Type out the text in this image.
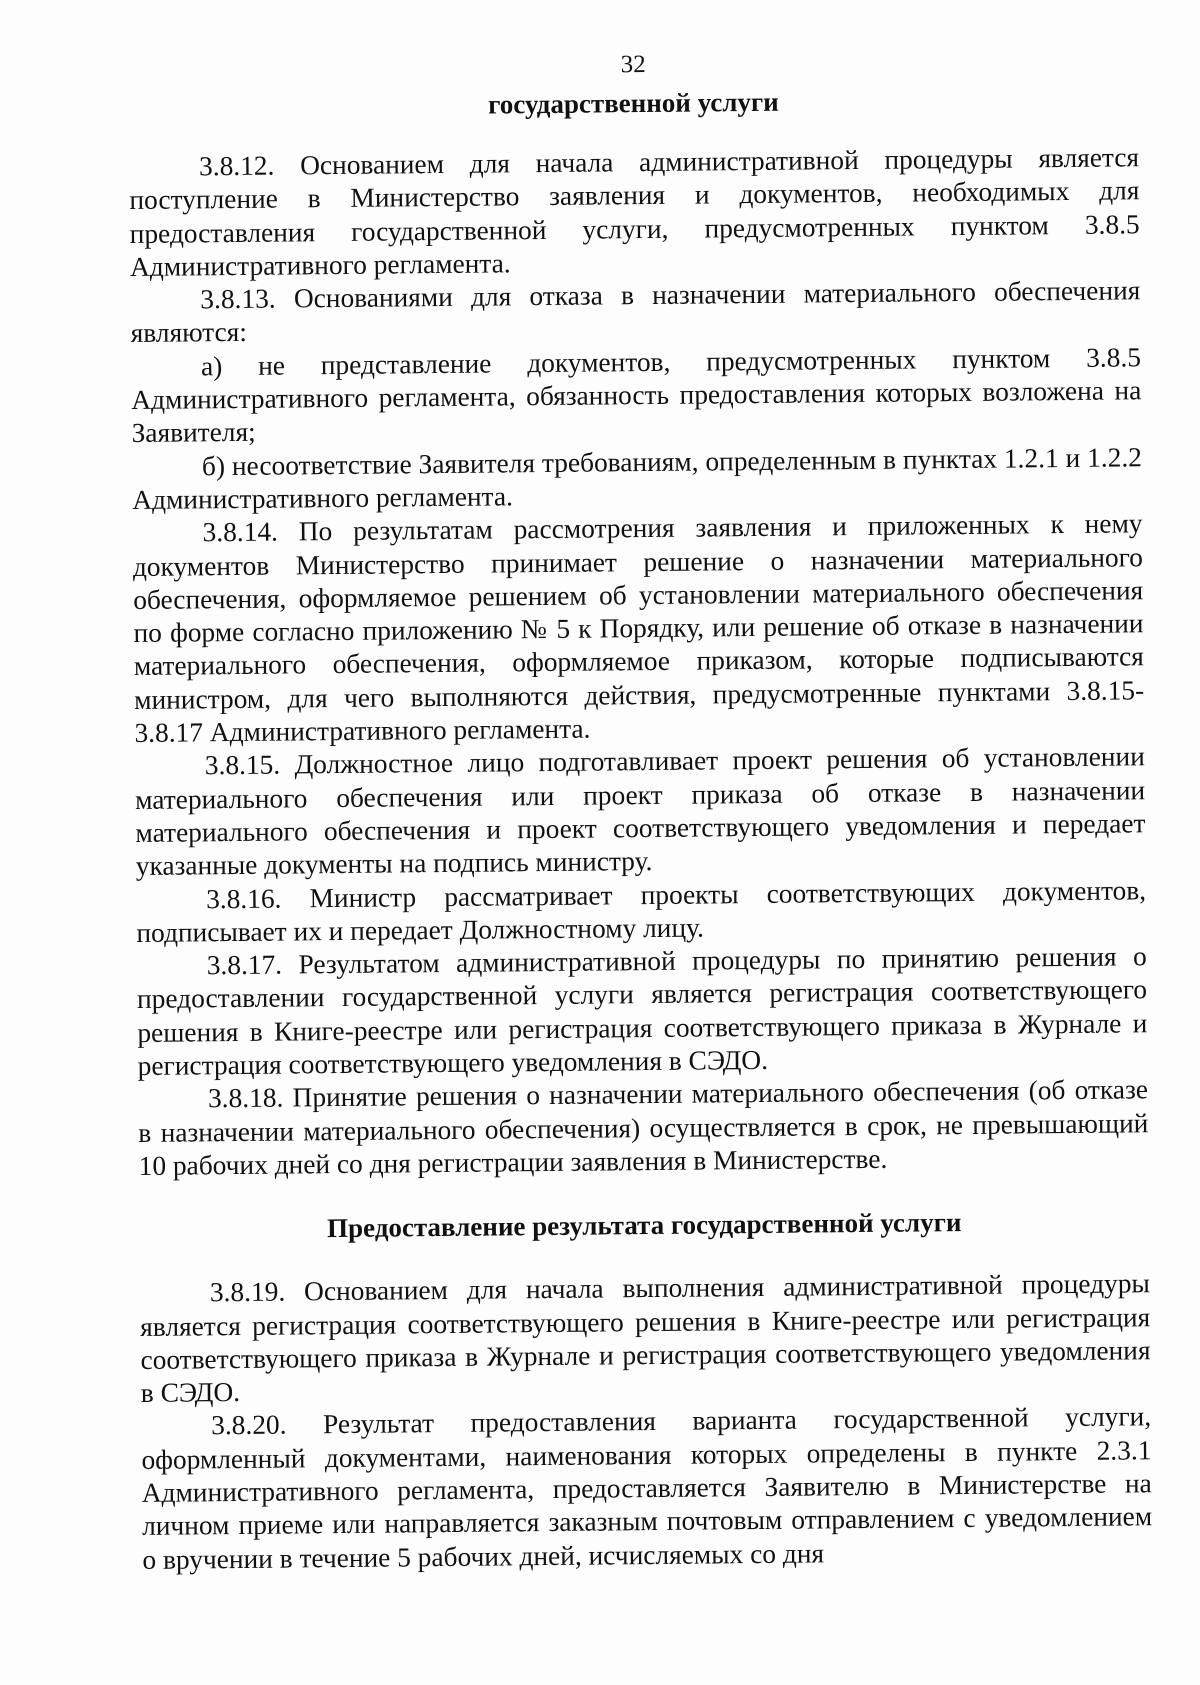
32
государственной услуги

3.8.12. Основанием для начала административной процедуры является поступление в Министерство заявления и документов, необходимых для предоставления государственной услуги, предусмотренных пунктом 3.8.5 Административного регламента.

3.8.13. Основаниями для отказа в назначении материального обеспечения являются:

а) не представление документов, предусмотренных пунктом 3.8.5 Административного регламента, обязанность предоставления которых возложена на Заявителя;

б) несоответствие Заявителя требованиям, определенным в пунктах 1.2.1 и 1.2.2 Административного регламента.

3.8.14. По результатам рассмотрения заявления и приложенных к нему документов Министерство принимает решение о назначении материального обеспечения, оформляемое решением об установлении материального обеспечения по форме согласно приложению № 5 к Порядку, или решение об отказе в назначении материального обеспечения, оформляемое приказом, которые подписываются министром, для чего выполняются действия, предусмотренные пунктами 3.8.15-3.8.17 Административного регламента.

3.8.15. Должностное лицо подготавливает проект решения об установлении материального обеспечения или проект приказа об отказе в назначении материального обеспечения и проект соответствующего уведомления и передает указанные документы на подпись министру.

3.8.16. Министр рассматривает проекты соответствующих документов, подписывает их и передает Должностному лицу.

3.8.17. Результатом административной процедуры по принятию решения о предоставлении государственной услуги является регистрация соответствующего решения в Книге-реестре или регистрация соответствующего приказа в Журнале и регистрация соответствующего уведомления в СЭДО.

3.8.18. Принятие решения о назначении материального обеспечения (об отказе в назначении материального обеспечения) осуществляется в срок, не превышающий 10 рабочих дней со дня регистрации заявления в Министерстве.

Предоставление результата государственной услуги

3.8.19. Основанием для начала выполнения административной процедуры является регистрация соответствующего решения в Книге-реестре или регистрация соответствующего приказа в Журнале и регистрация соответствующего уведомления в СЭДО.

3.8.20. Результат предоставления варианта государственной услуги, оформленный документами, наименования которых определены в пункте 2.3.1 Административного регламента, предоставляется Заявителю в Министерстве на личном приеме или направляется заказным почтовым отправлением с уведомлением о вручении в течение 5 рабочих дней, исчисляемых со дня
